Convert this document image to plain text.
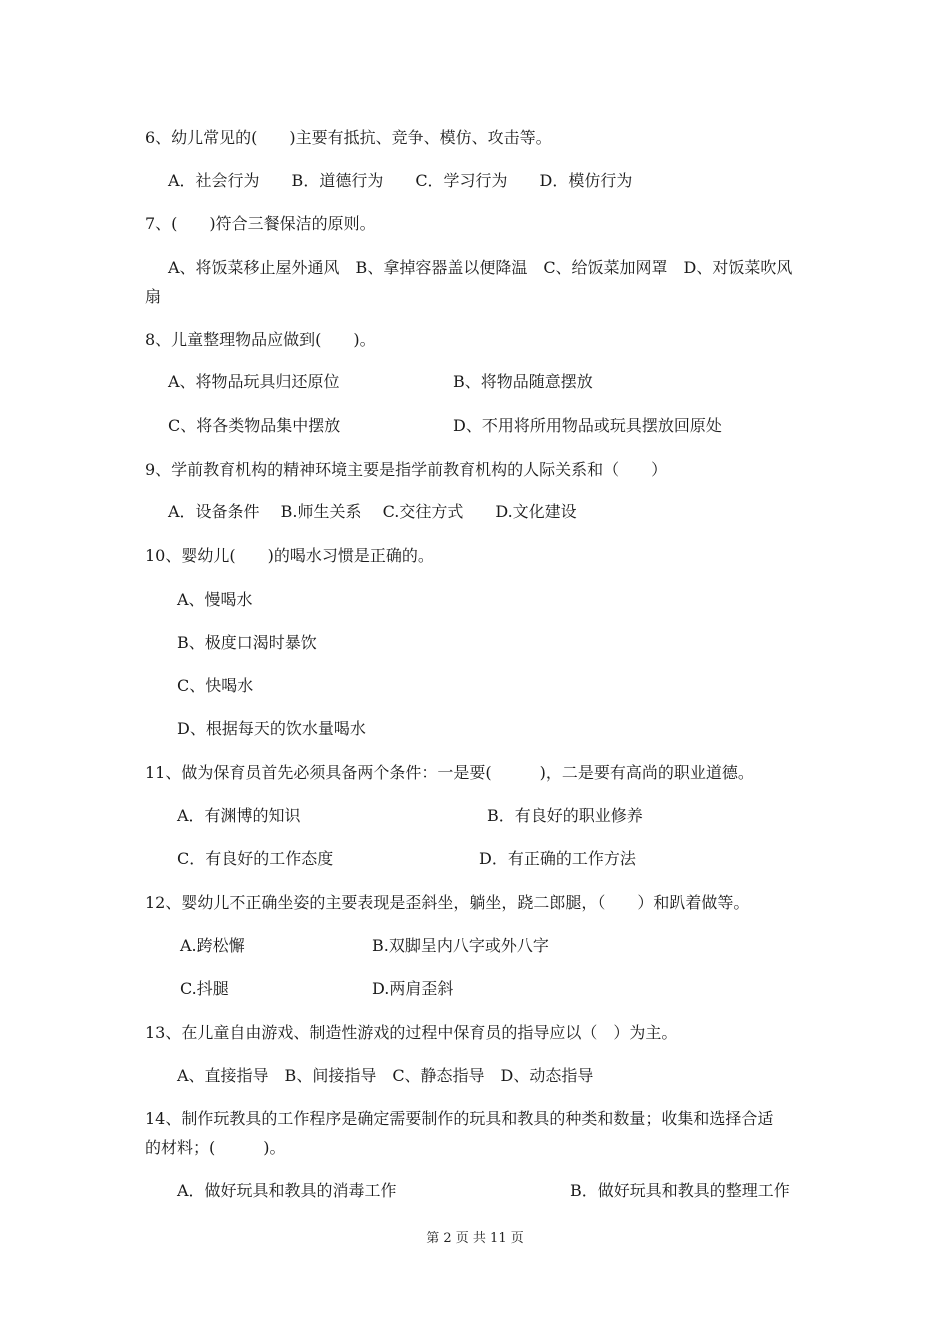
6、幼儿常见的(　　)主要有抵抗、竞争、模仿、攻击等。
A．社会行为　　B．道德行为　　C．学习行为　　D．模仿行为
7、(　　)符合三餐保洁的原则。
A、将饭菜移止屋外通风　B、拿掉容器盖以便降温　C、给饭菜加网罩　D、对饭菜吹风
扇
8、儿童整理物品应做到(　　)。
A、将物品玩具归还原位	B、将物品随意摆放
C、将各类物品集中摆放	D、不用将所用物品或玩具摆放回原处
9、学前教育机构的精神环境主要是指学前教育机构的人际关系和（　　）
A．设备条件　 B.师生关系　 C.交往方式　　D.文化建设
10、婴幼儿(　　)的喝水习惯是正确的。
A、慢喝水
B、极度口渴时暴饮
C、快喝水
D、根据每天的饮水量喝水
11、做为保育员首先必须具备两个条件：一是要(　　　)，二是要有高尚的职业道德。
A．有渊博的知识	B．有良好的职业修养
C．有良好的工作态度	D．有正确的工作方法
12、婴幼儿不正确坐姿的主要表现是歪斜坐，躺坐，跷二郎腿，（　　）和趴着做等。
A.跨松懈	B.双脚呈内八字或外八字
C.抖腿	D.两肩歪斜
13、在儿童自由游戏、制造性游戏的过程中保育员的指导应以（　）为主。
A、直接指导　B、间接指导　C、静态指导　D、动态指导
14、制作玩教具的工作程序是确定需要制作的玩具和教具的种类和数量；收集和选择合适
的材料；(　　　)。
A．做好玩具和教具的消毒工作	B．做好玩具和教具的整理工作
第 2 页 共 11 页
